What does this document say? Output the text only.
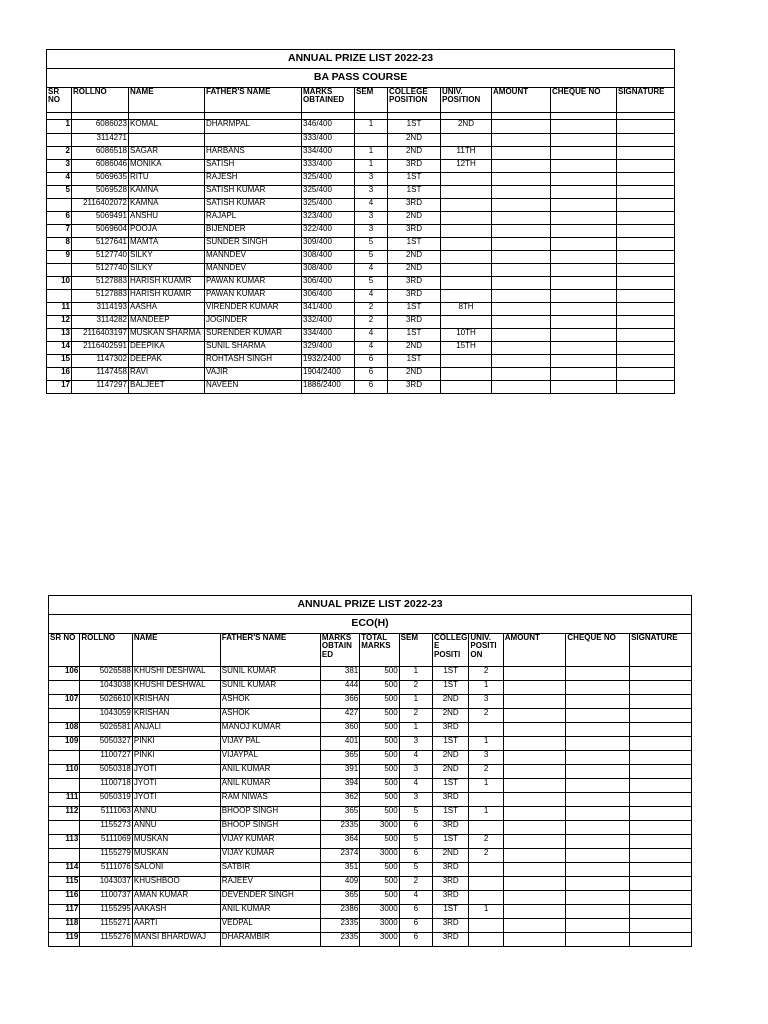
ANNUAL PRIZE LIST 2022-23										
BA PASS COURSE										
SR NO	ROLLNO	NAME	FATHER'S NAME	MARKS OBTAINED	SEM	COLLEGE POSITION	UNIV. POSITION	AMOUNT	CHEQUE NO	SIGNATURE

1	6086023	KOMAL	DHARMPAL	346/400	1	1ST	2ND			
	3114271			333/400		2ND				
2	6086518	SAGAR	HARBANS	334/400	1	2ND	11TH			
3	6086046	MONIKA	SATISH	333/400	1	3RD	12TH			
4	5069635	RITU	RAJESH	325/400	3	1ST				
5	5069528	KAMNA	SATISH KUMAR	325/400	3	1ST				
	2116402072	KAMNA	SATISH KUMAR	325/400	4	3RD				
6	5069491	ANSHU	RAJAPL	323/400	3	2ND				
7	5069604	POOJA	BIJENDER	322/400	3	3RD				
8	5127641	MAMTA	SUNDER SINGH	309/400	5	1ST				
9	5127740	SILKY	MANNDEV	308/400	5	2ND				
	5127740	SILKY	MANNDEV	308/400	4	2ND				
10	5127883	HARISH KUAMR	PAWAN KUMAR	306/400	5	3RD				
	5127883	HARISH KUAMR	PAWAN KUMAR	306/400	4	3RD				
11	3114193	AASHA	VIRENDER KUMAR	341/400	2	1ST	8TH			
12	3114282	MANDEEP	JOGINDER	332/400	2	3RD				
13	2116403197	MUSKAN SHARMA	SURENDER KUMAR	334/400	4	1ST	10TH			
14	2116402591	DEEPIKA	SUNIL SHARMA	329/400	4	2ND	15TH			
15	1147302	DEEPAK	ROHTASH SINGH	1932/2400	6	1ST				
16	1147458	RAVI	VAJIR	1904/2400	6	2ND				
17	1147297	BALJEET	NAVEEN	1886/2400	6	3RD				
ANNUAL PRIZE LIST 2022-23											
ECO(H)											
SR NO	ROLLNO	NAME	FATHER'S NAME	MARKS OBTAIN ED	TOTAL MARKS	SEM	COLLEG E POSITI	UNIV. POSITI ON	AMOUNT	CHEQUE NO	SIGNATURE
106	5026588	KHUSHI DESHWAL	SUNIL KUMAR	381	500	1	1ST	2			
	1043038	KHUSHI DESHWAL	SUNIL KUMAR	444	500	2	1ST	1			
107	5026610	KRISHAN	ASHOK	366	500	1	2ND	3			
	1043059	KRISHAN	ASHOK	427	500	2	2ND	2			
108	5026581	ANJALI	MANOJ KUMAR	360	500	1	3RD				
109	5050327	PINKI	VIJAY PAL	401	500	3	1ST	1			
	1100727	PINKI	VIJAYPAL	365	500	4	2ND	3			
110	5050318	JYOTI	ANIL KUMAR	391	500	3	2ND	2			
	1100718	JYOTI	ANIL KUMAR	394	500	4	1ST	1			
111	5050319	JYOTI	RAM NIWAS	362	500	3	3RD				
112	5111063	ANNU	BHOOP SINGH	365	500	5	1ST	1			
	1155273	ANNU	BHOOP SINGH	2335	3000	6	3RD				
113	5111069	MUSKAN	VIJAY KUMAR	364	500	5	1ST	2			
	1155279	MUSKAN	VIJAY KUMAR	2374	3000	6	2ND	2			
114	5111076	SALONI	SATBIR	351	500	5	3RD				
115	1043037	KHUSHBOO	RAJEEV	409	500	2	3RD				
116	1100737	AMAN KUMAR	DEVENDER SINGH	365	500	4	3RD				
117	1155295	AAKASH	ANIL KUMAR	2386	3000	6	1ST	1			
118	1155271	AARTI	VEDPAL	2335	3000	6	3RD				
119	1155276	MANSI BHARDWAJ	DHARAMBIR	2335	3000	6	3RD				
